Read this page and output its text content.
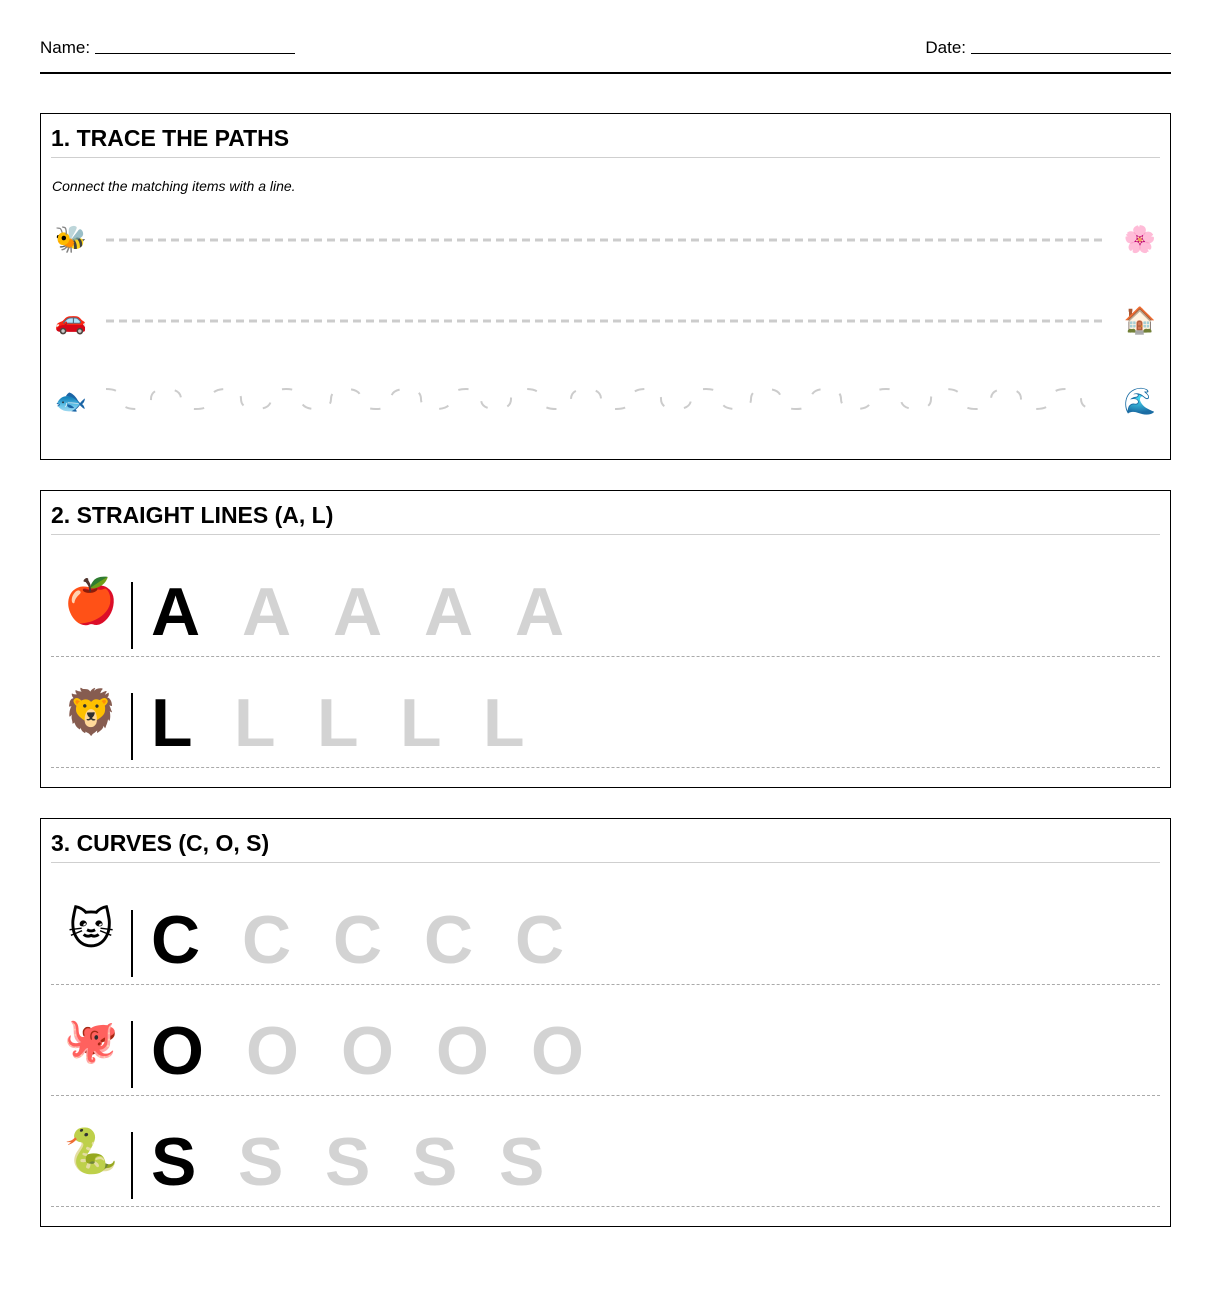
Name:	Date:
1. TRACE THE PATHS
Connect the matching items with a line.
🐝	🌸
🚗	🏠
🐟	🌊
2. STRAIGHT LINES (A, L)
🍎 A A A A A
🦁 L L L L L
3. CURVES (C, O, S)
🐱 C C C C C
🐙 O O O O O
🐍 S S S S S
